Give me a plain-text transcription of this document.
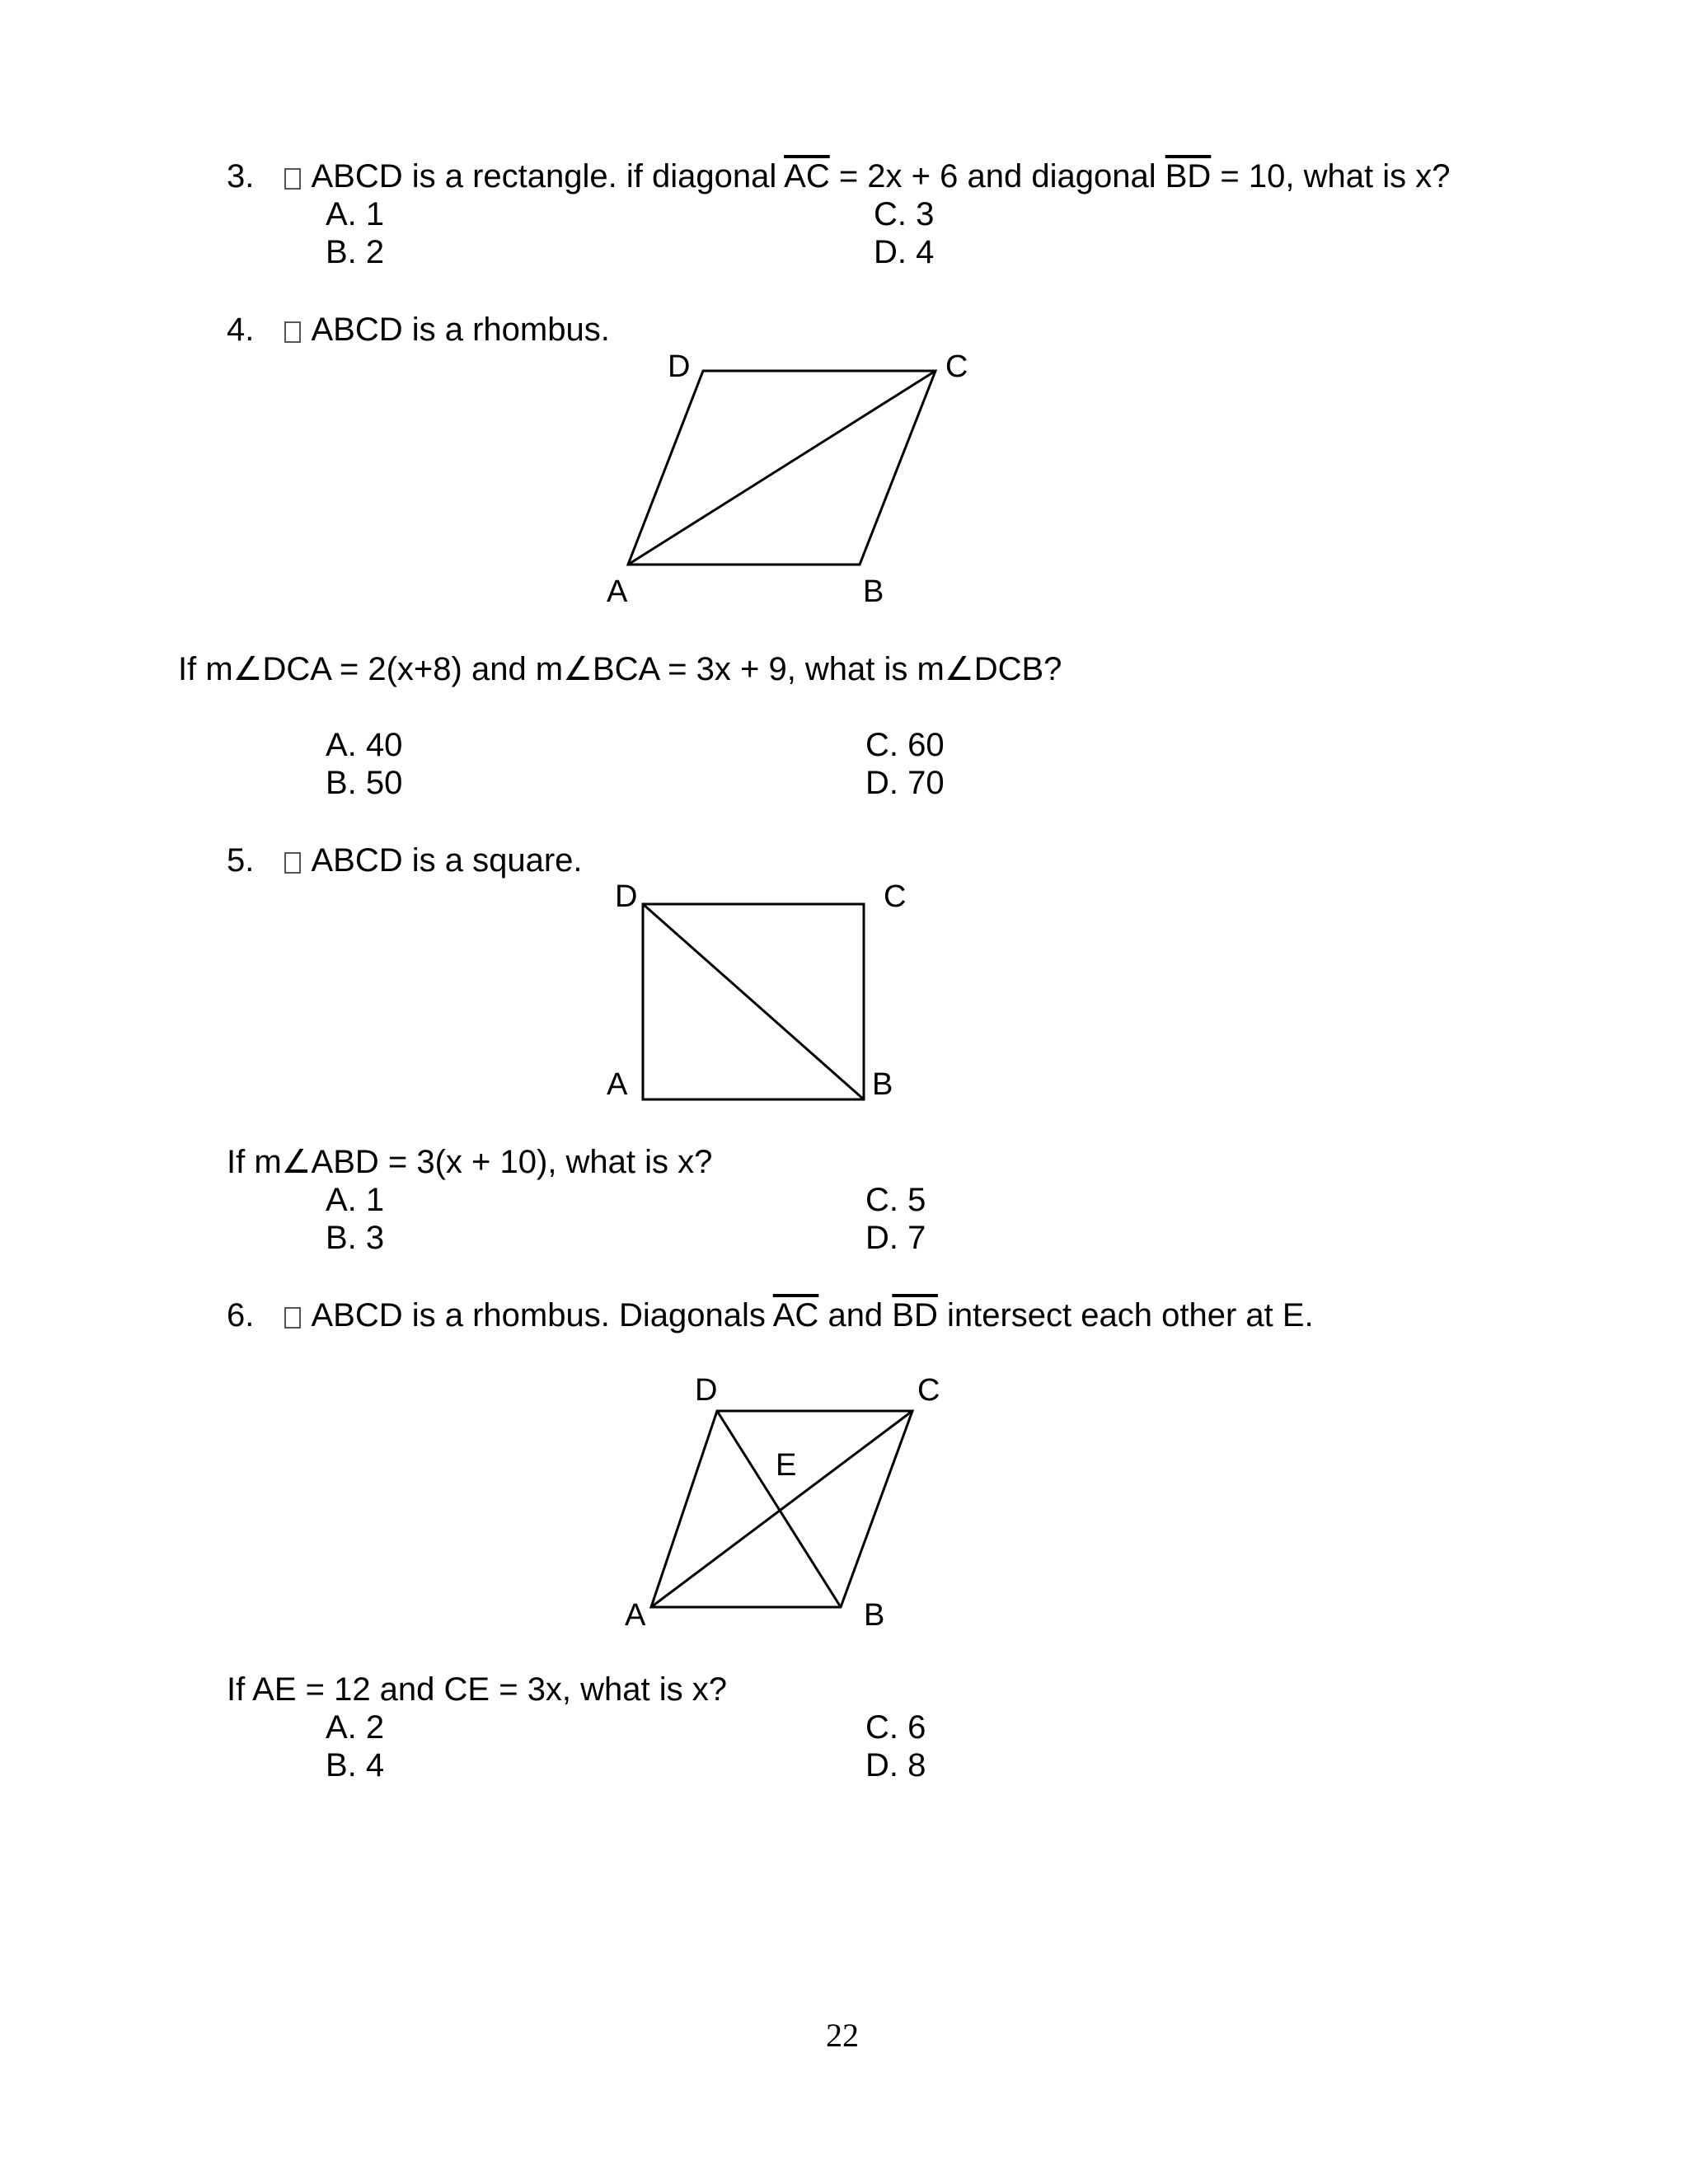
3. ABCD is a rectangle. if diagonal $\overline{AC} = 2x + 6$ and diagonal $\overline{BD} = 10$, what is x?
A. 1
B. 2
C. 3
D. 4
4. ABCD is a rhombus.
D	C
A	B
If m∠DCA = 2(x+8) and m∠BCA = 3x + 9, what is m∠DCB?
A. 40
B. 50
C. 60
D. 70
5. ABCD is a square.
D	C
A	B
If m∠ABD = 3(x + 10), what is x?
A. 1
B. 3
C. 5
D. 7
6. ABCD is a rhombus. Diagonals $\overline{AC}$ and $\overline{BD}$ intersect each other at E.
D	C
E
A	B
If AE = 12 and CE = 3x, what is x?
A. 2
B. 4
C. 6
D. 8
22
